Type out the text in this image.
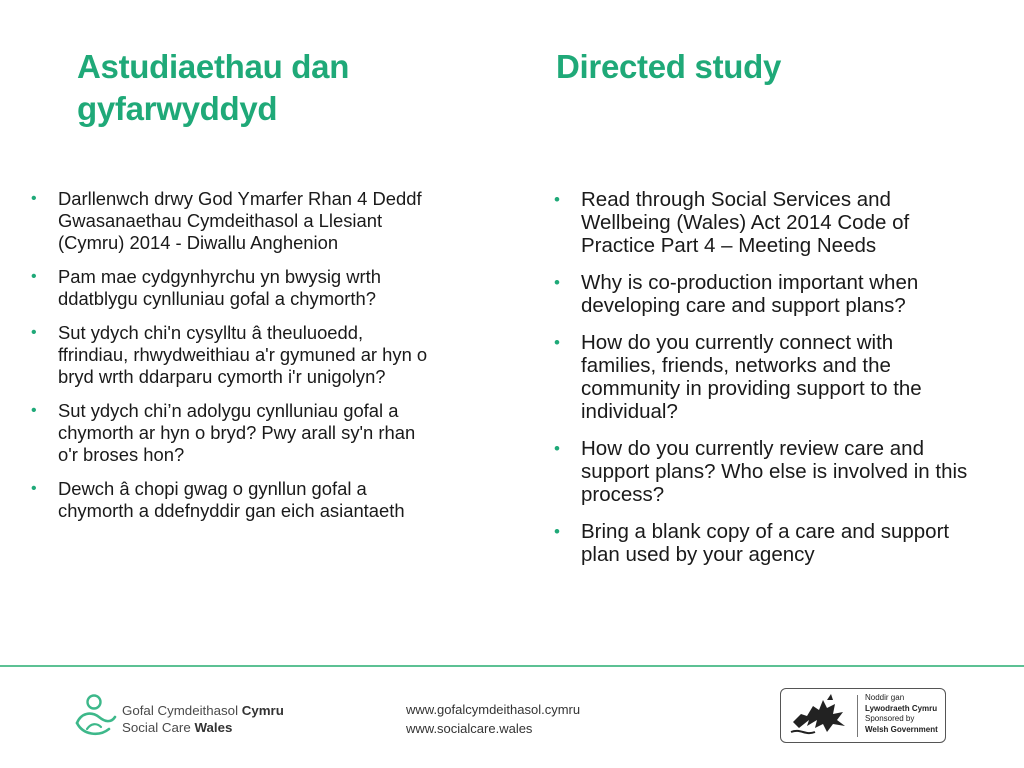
Astudiaethau dan gyfarwyddyd
Directed study
• Darllenwch drwy God Ymarfer Rhan 4 Deddf Gwasanaethau Cymdeithasol a Llesiant (Cymru) 2014 - Diwallu Anghenion
• Pam mae cydgynhyrchu yn bwysig wrth ddatblygu cynlluniau gofal a chymorth?
• Sut ydych chi'n cysylltu â theuluoedd, ffrindiau, rhwydweithiau a'r gymuned ar hyn o bryd wrth ddarparu cymorth i'r unigolyn?
• Sut ydych chi’n adolygu cynlluniau gofal a chymorth ar hyn o bryd? Pwy arall sy'n rhan o'r broses hon?
• Dewch â chopi gwag o gynllun gofal a chymorth a ddefnyddir gan eich asiantaeth
• Read through Social Services and Wellbeing (Wales) Act 2014 Code of Practice Part 4 – Meeting Needs
• Why is co-production important when developing care and support plans?
• How do you currently connect with families, friends, networks and the community in providing support to the individual?
• How do you currently review care and support plans? Who else is involved in this process?
• Bring a blank copy of a care and support plan used by your agency
Gofal Cymdeithasol Cymru
Social Care Wales
www.gofalcymdeithasol.cymru
www.socialcare.wales
Noddir gan
Lywodraeth Cymru
Sponsored by
Welsh Government
